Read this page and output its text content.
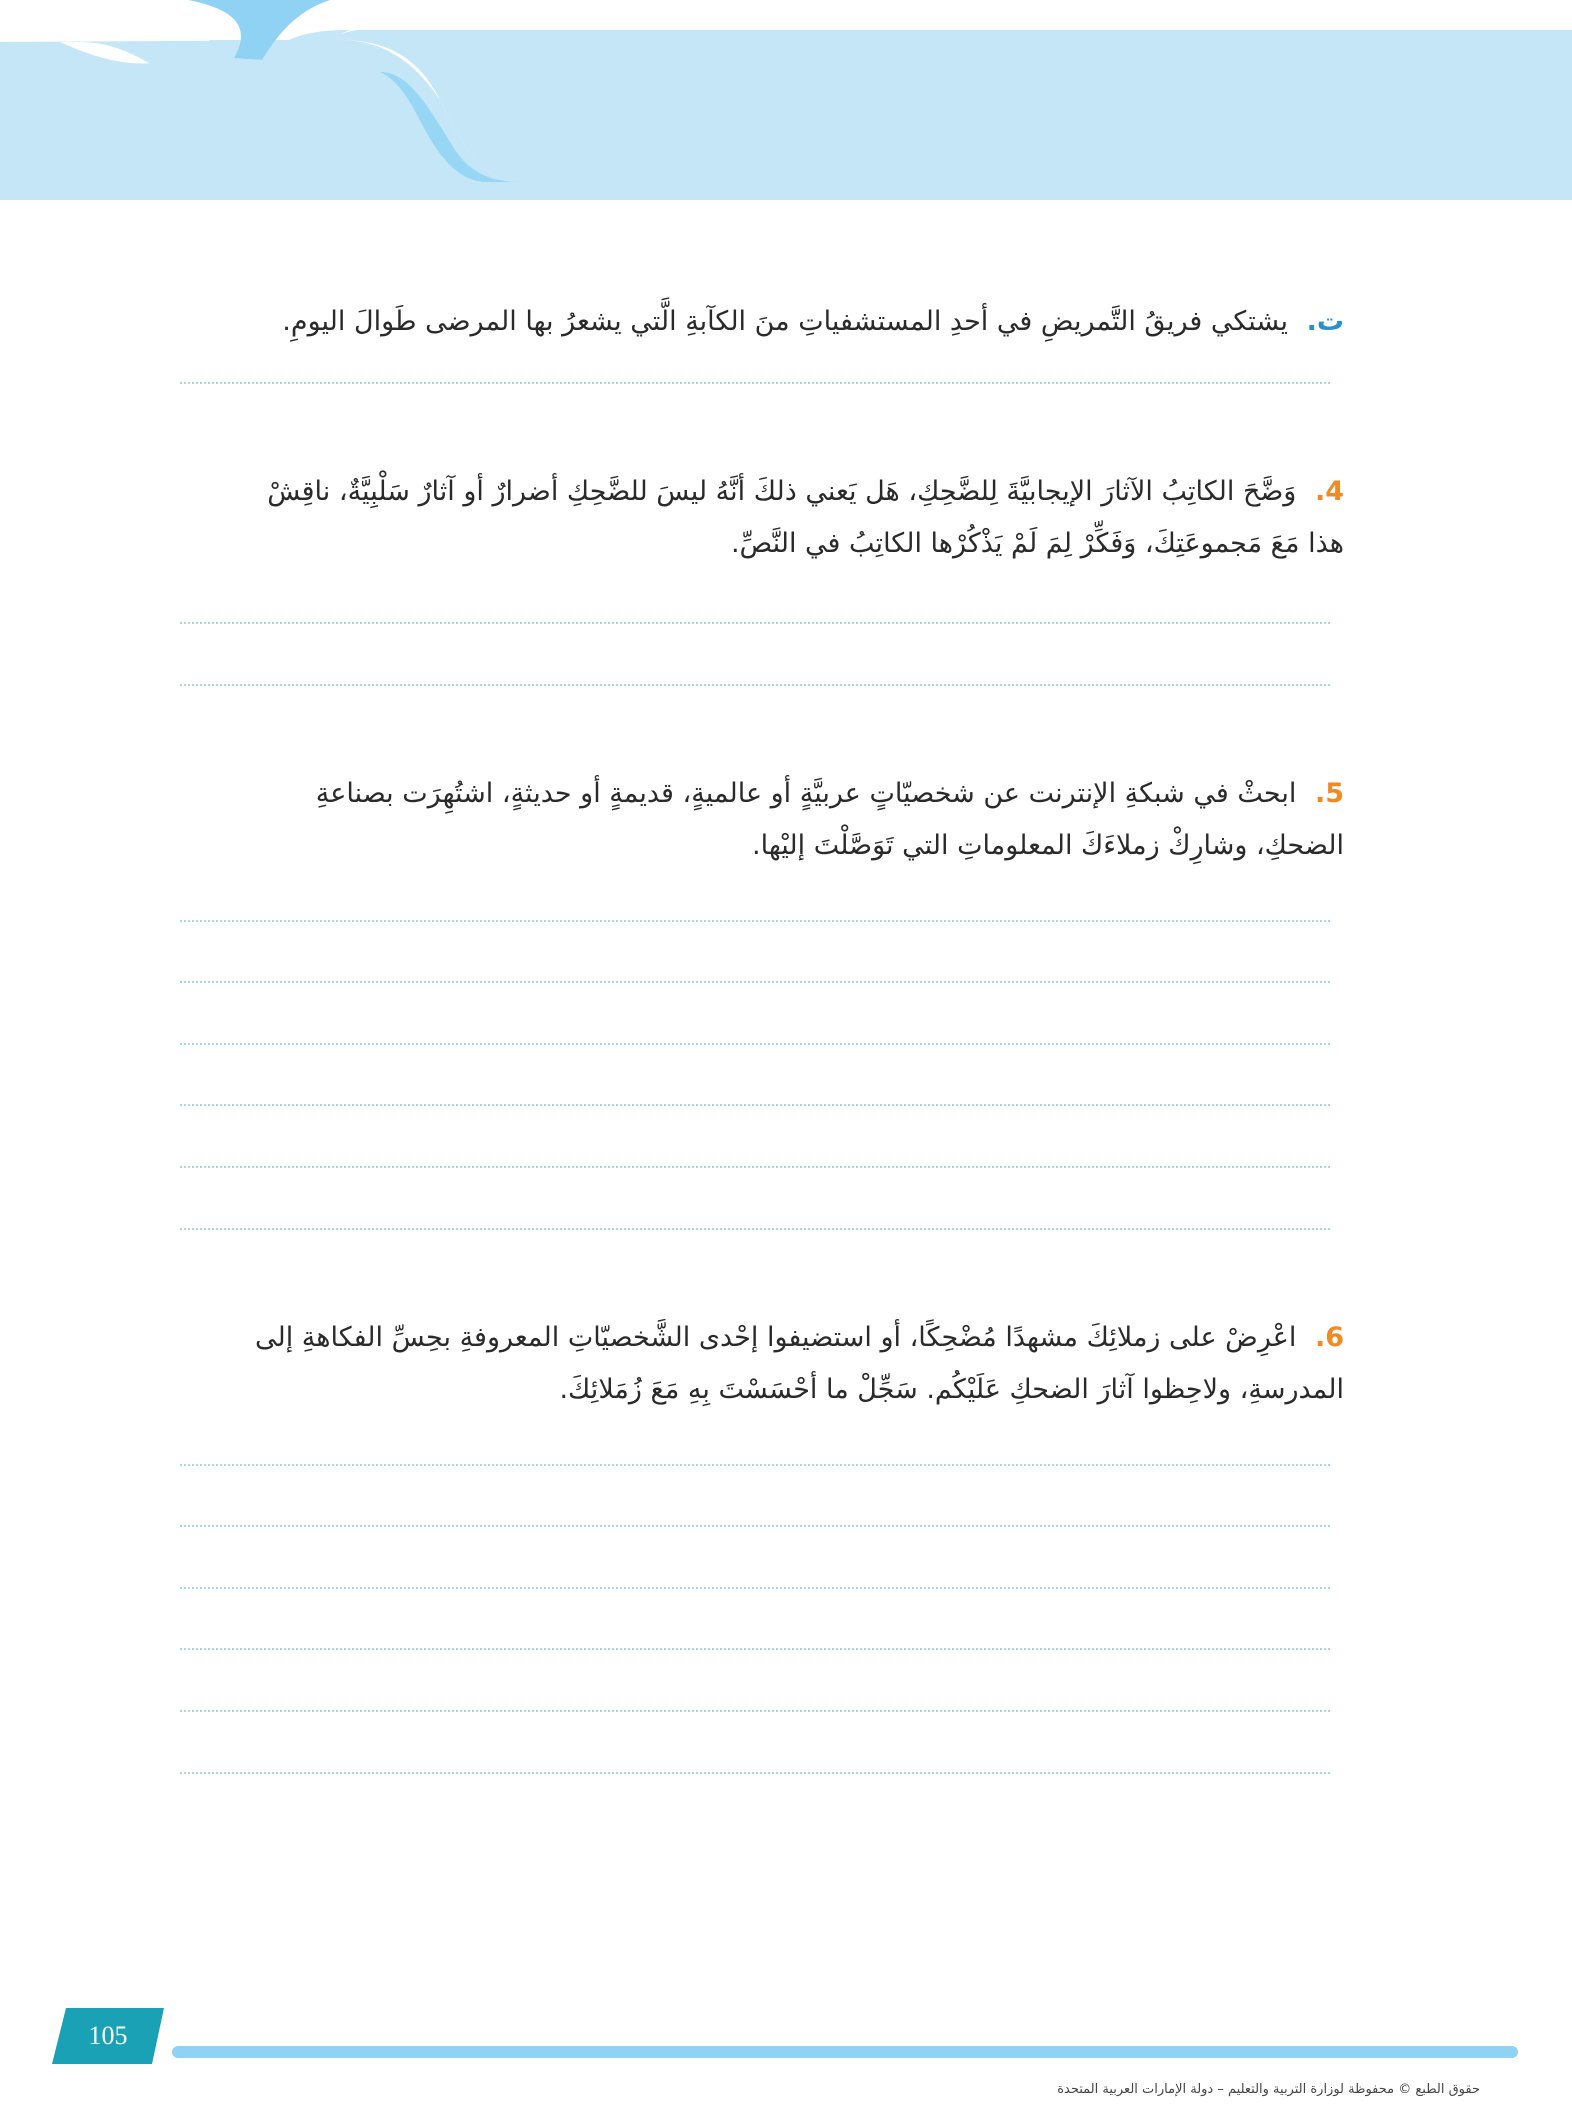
ت. يشتكي فريقُ التَّمريضِ في أحدِ المستشفياتِ منَ الكآبةِ الَّتي يشعرُ بها المرضى طَوالَ اليومِ.
4. وَضَّحَ الكاتِبُ الآثارَ الإيجابيَّةَ لِلضَّحِكِ، هَل يَعني ذلكَ أنَّهُ ليسَ للضَّحِكِ أضرارٌ أو آثارٌ سَلْبِيَّةٌ، ناقِشْ هذا مَعَ مَجموعَتِكَ، وَفَكِّرْ لِمَ لَمْ يَذْكُرْها الكاتِبُ في النَّصِّ.
5. ابحثْ في شبكةِ الإنترنت عن شخصيّاتٍ عربيَّةٍ أو عالميةٍ، قديمةٍ أو حديثةٍ، اشتُهِرَت بصناعةِ الضحكِ، وشارِكْ زملاءَكَ المعلوماتِ التي تَوَصَّلْتَ إليْها.
6. اعْرِضْ على زملائِكَ مشهدًا مُضْحِكًا، أو استضيفوا إحْدى الشَّخصيّاتِ المعروفةِ بحِسِّ الفكاهةِ إلى المدرسةِ، ولاحِظوا آثارَ الضحكِ عَلَيْكُم. سَجِّلْ ما أحْسَسْتَ بِهِ مَعَ زُمَلائِكَ.
105
حقوق الطبع © محفوظة لوزارة التربية والتعليم – دولة الإمارات العربية المتحدة
